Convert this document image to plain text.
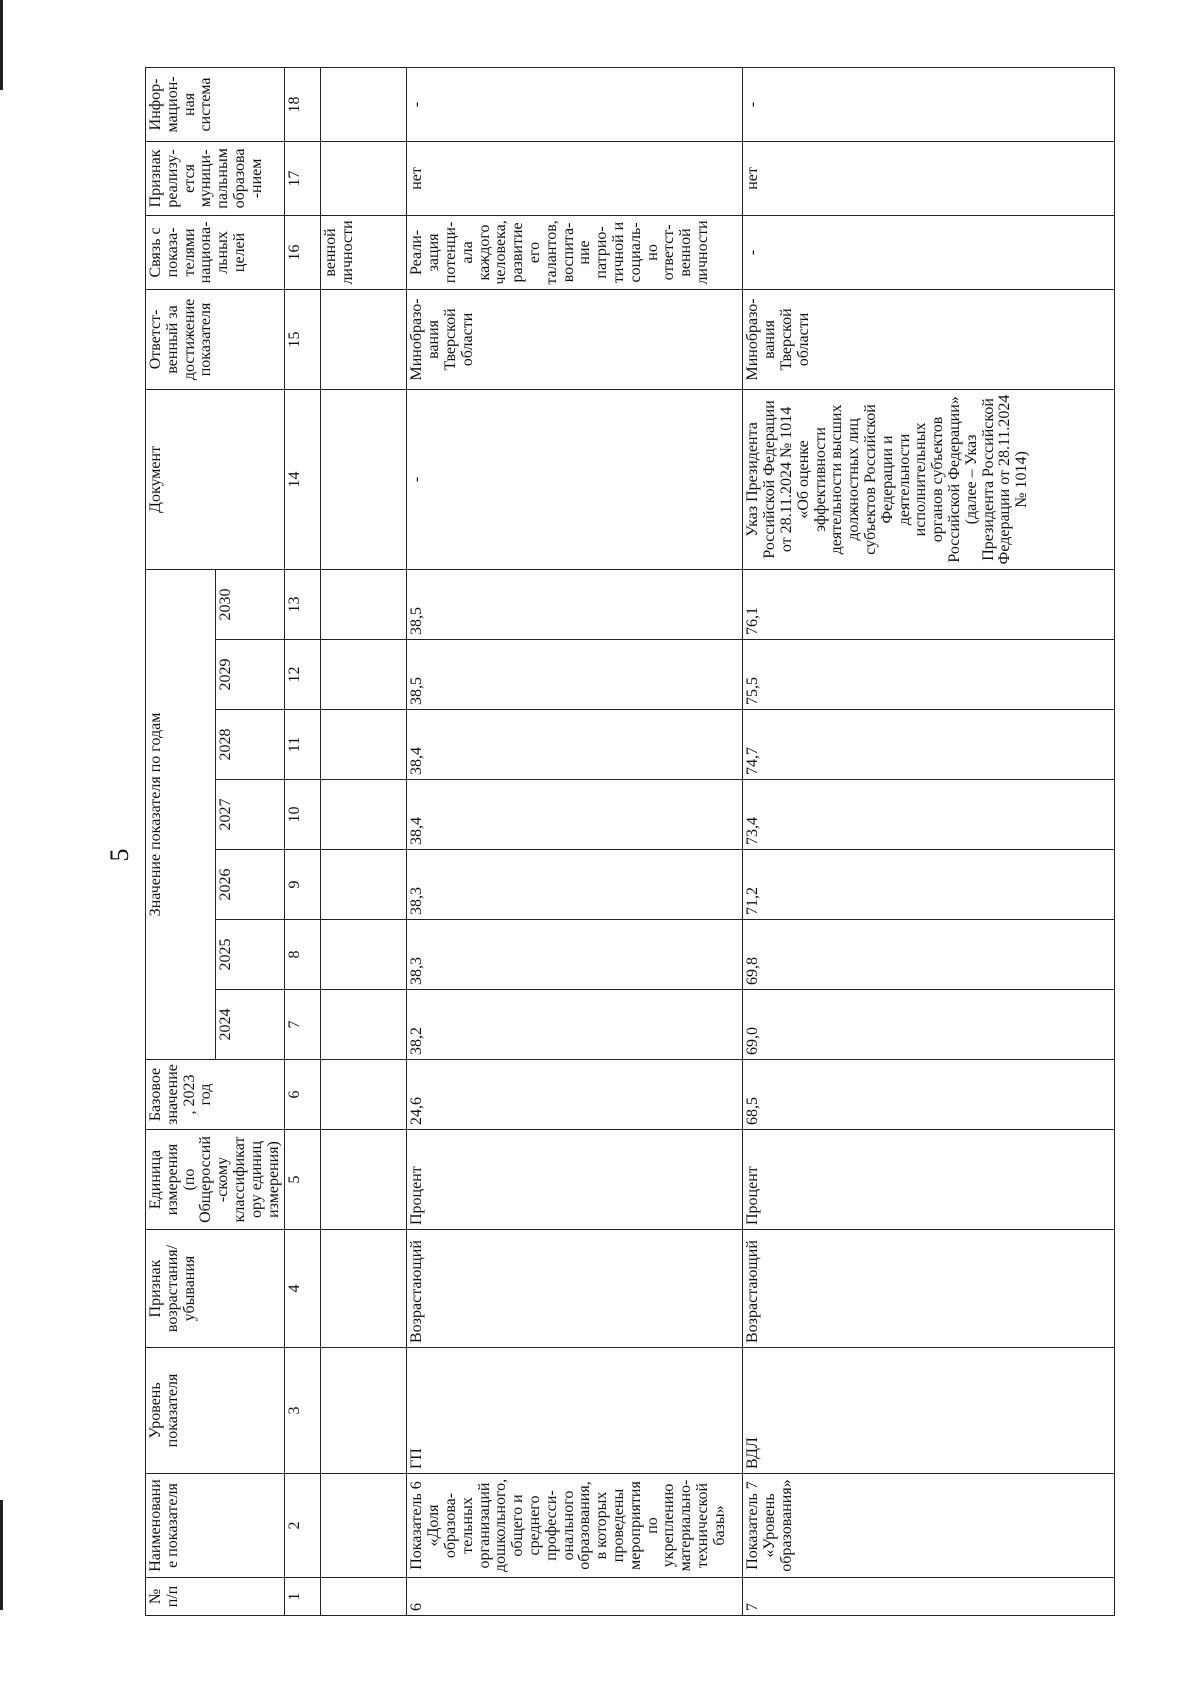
5
№ п/п	Наименование показателя	Уровень показателя	Признак возрастания/ убывания	Единица измерения (по Общероссий-скому классификатору единиц измерения)	Базовое значение, 2023 год	Значение показателя по годам							Документ	Ответст-венный за достижение показателя	Связь с показа-телями национа-льных целей	Признак реализу-ется муници-пальным образова-нием	Инфор-мацион-ная система
						2024	2025	2026	2027	2028	2029	2030					
1	2	3	4	5	6	7	8	9	10	11	12	13	14	15	16	17	18
															венной личности		
6	Показатель 6 «Доля образова-тельных организаций дошкольного, общего и среднего професси-онального образования, в которых проведены мероприятия по укреплению материально-технической базы»	ГП	Возрастающий	Процент	24,6	38,2	38,3	38,3	38,4	38,4	38,5	38,5	-	Минобразо-вания Тверской области	Реали-зация потенци-ала каждого человека, развитие его талантов, воспита-ние патрио-тичной и социаль-но ответст-венной личности	нет	-
7	Показатель 7 «Уровень образования»	ВДЛ	Возрастающий	Процент	68,5	69,0	69,8	71,2	73,4	74,7	75,5	76,1	Указ Президента Российской Федерации от 28.11.2024 № 1014 «Об оценке эффективности деятельности высших должностных лиц субъектов Российской Федерации и деятельности исполнительных органов субъектов Российской Федерации» (далее – Указ Президента Российской Федерации от 28.11.2024 № 1014)	Минобразо-вания Тверской области	-	нет	-
